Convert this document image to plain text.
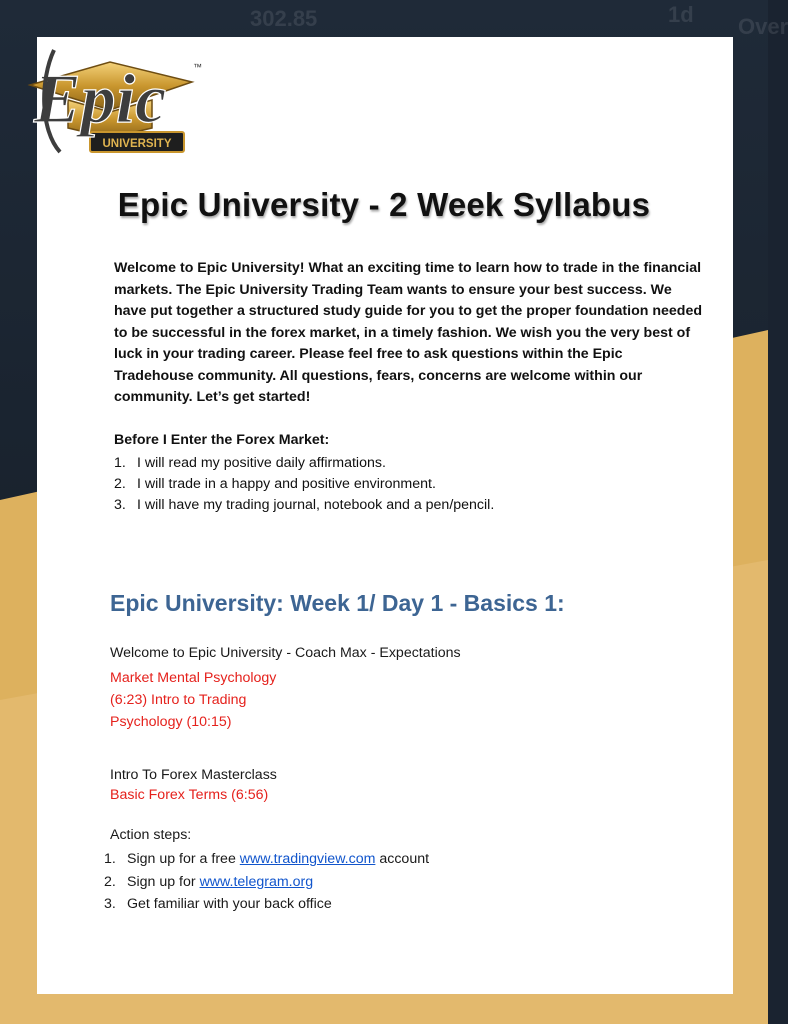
302.85	1d Over
UNIVERSITY
Epic	™
Epic University - 2 Week Syllabus

Welcome to Epic University! What an exciting time to learn how to trade in the financial markets. The Epic University Trading Team wants to ensure your best success. We have put together a structured study guide for you to get the proper foundation needed to be successful in the forex market, in a timely fashion. We wish you the very best of luck in your trading career. Please feel free to ask questions within the Epic Tradehouse community. All questions, fears, concerns are welcome within our community. Let’s get started!

Before I Enter the Forex Market:

1. I will read my positive daily affirmations.
2. I will trade in a happy and positive environment.
3. I will have my trading journal, notebook and a pen/pencil.
Epic University: Week 1/ Day 1 - Basics 1:
Welcome to Epic University - Coach Max - Expectations
Market Mental Psychology
(6:23) Intro to Trading
Psychology (10:15)
Intro To Forex Masterclass
Basic Forex Terms (6:56)
Action steps:
1. Sign up for a free www.tradingview.com account
2. Sign up for www.telegram.org
3. Get familiar with your back office
